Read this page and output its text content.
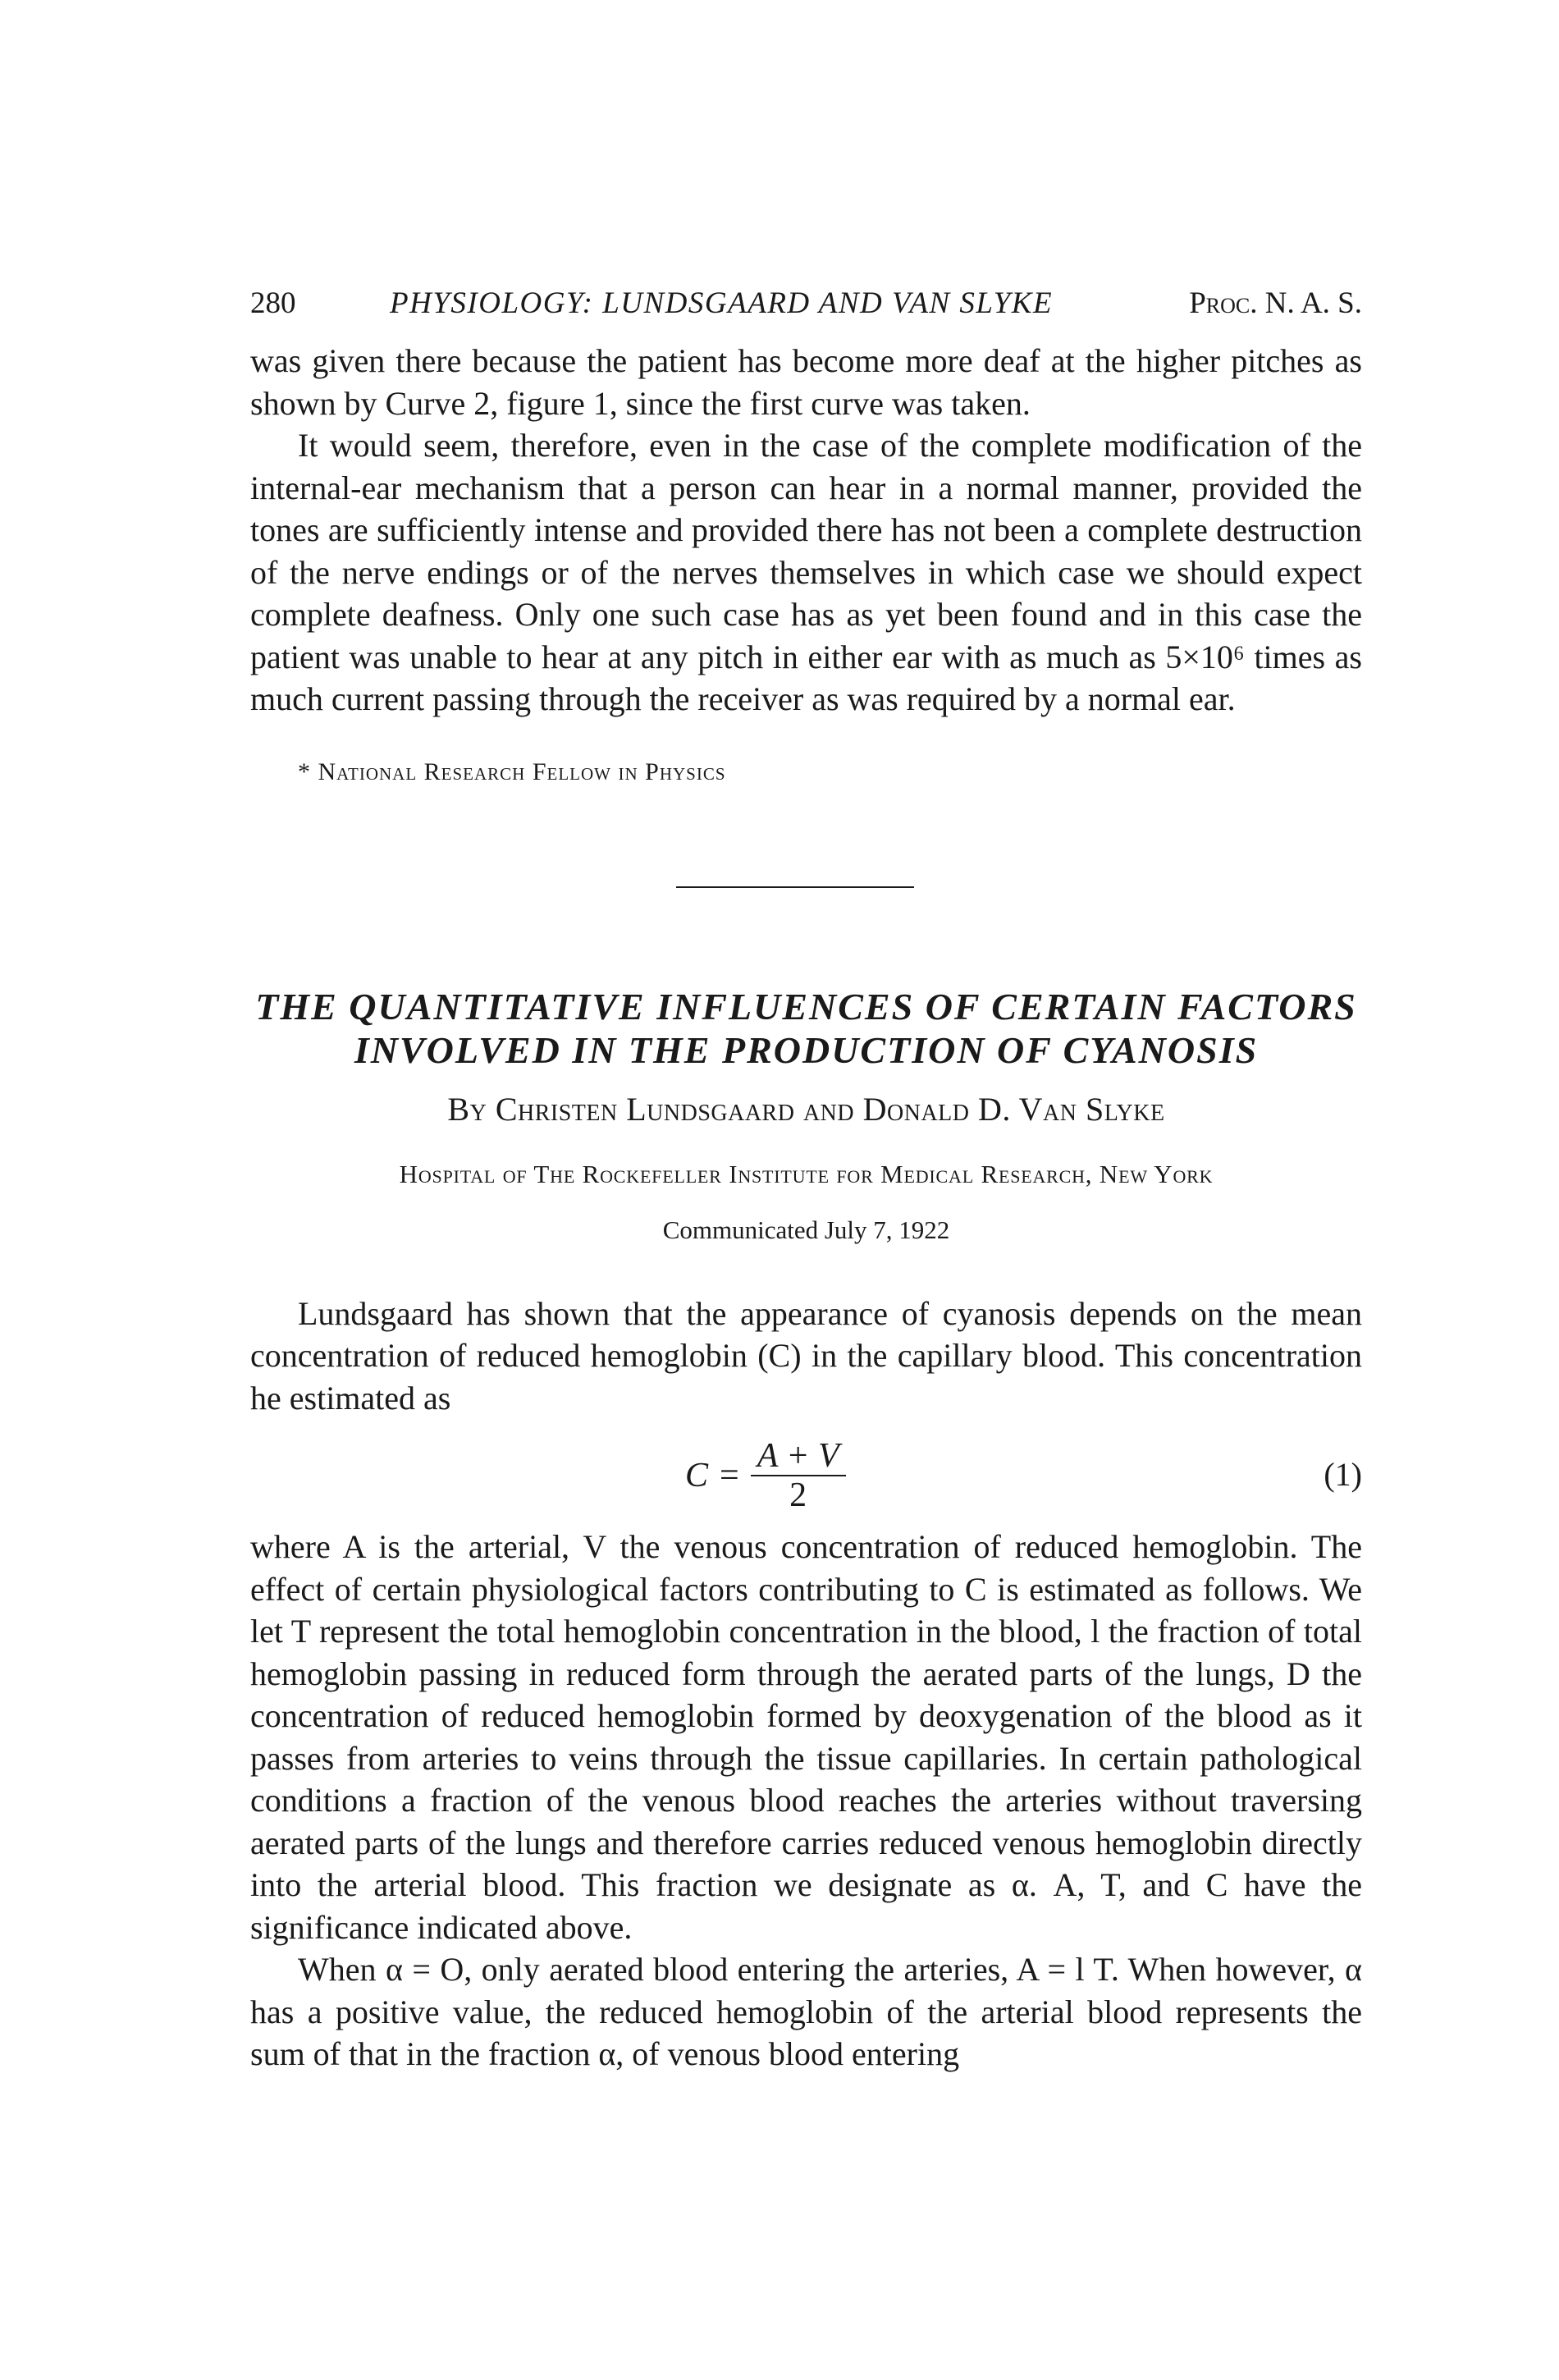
280	PHYSIOLOGY: LUNDSGAARD AND VAN SLYKE	Proc. N. A. S.

was given there because the patient has become more deaf at the higher pitches as shown by Curve 2, figure 1, since the first curve was taken.

It would seem, therefore, even in the case of the complete modification of the internal-ear mechanism that a person can hear in a normal manner, provided the tones are sufficiently intense and provided there has not been a complete destruction of the nerve endings or of the nerves themselves in which case we should expect complete deafness. Only one such case has as yet been found and in this case the patient was unable to hear at any pitch in either ear with as much as 5×10⁶ times as much current passing through the receiver as was required by a normal ear.

* National Research Fellow in Physics

THE QUANTITATIVE INFLUENCES OF CERTAIN FACTORS
INVOLVED IN THE PRODUCTION OF CYANOSIS

By Christen Lundsgaard and Donald D. Van Slyke

Hospital of The Rockefeller Institute for Medical Research, New York

Communicated July 7, 1922

Lundsgaard has shown that the appearance of cyanosis depends on the mean concentration of reduced hemoglobin (C) in the capillary blood. This concentration he estimated as

$C = \frac{A + V}{2}$	(1)

where A is the arterial, V the venous concentration of reduced hemoglobin. The effect of certain physiological factors contributing to C is estimated as follows. We let T represent the total hemoglobin concentration in the blood, l the fraction of total hemoglobin passing in reduced form through the aerated parts of the lungs, D the concentration of reduced hemoglobin formed by deoxygenation of the blood as it passes from arteries to veins through the tissue capillaries. In certain pathological conditions a fraction of the venous blood reaches the arteries without traversing aerated parts of the lungs and therefore carries reduced venous hemoglobin directly into the arterial blood. This fraction we designate as α. A, T, and C have the significance indicated above.

When α = O, only aerated blood entering the arteries, A = l T. When however, α has a positive value, the reduced hemoglobin of the arterial blood represents the sum of that in the fraction α, of venous blood entering
